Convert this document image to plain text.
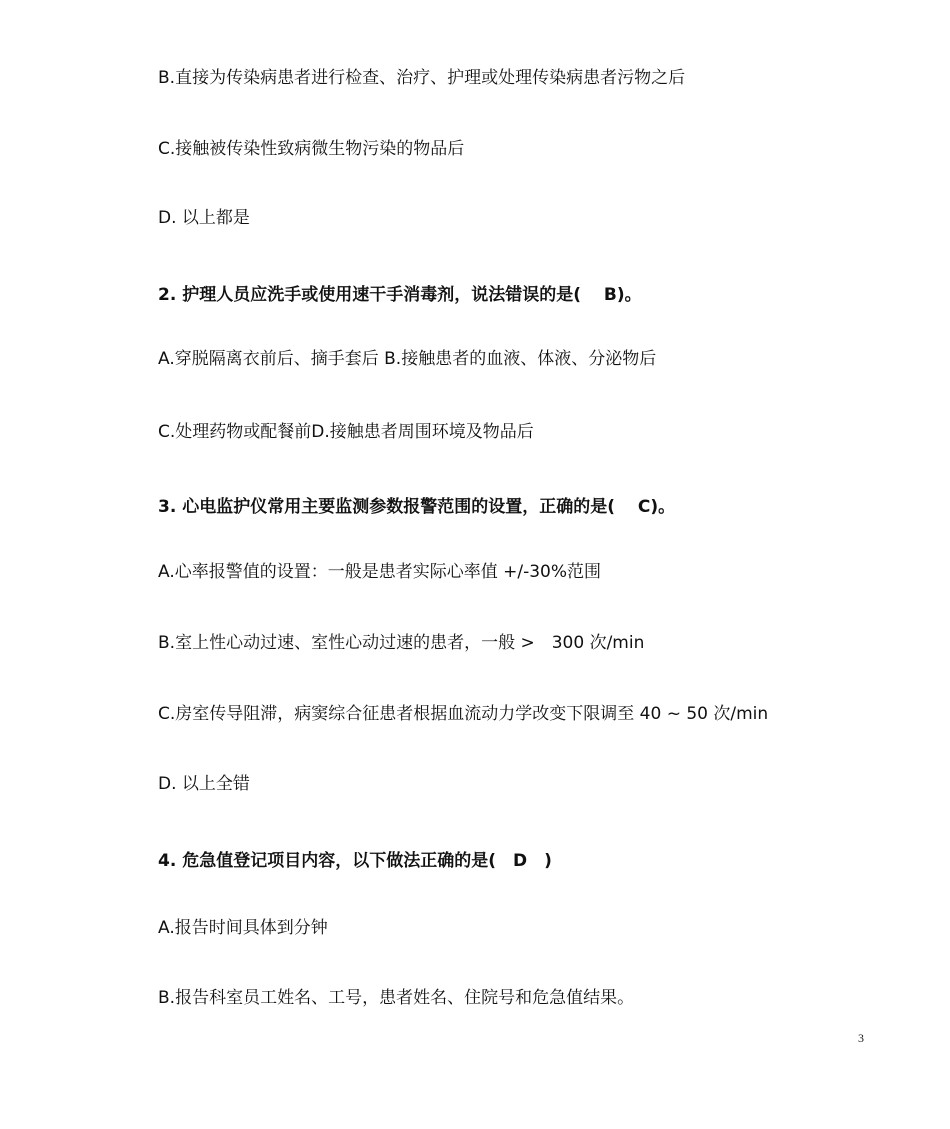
B.直接为传染病患者进行检查、治疗、护理或处理传染病患者污物之后
C.接触被传染性致病微生物污染的物品后
D. 以上都是
2. 护理人员应洗手或使用速干手消毒剂，说法错误的是(　 B)。
A.穿脱隔离衣前后、摘手套后 B.接触患者的血液、体液、分泌物后
C.处理药物或配餐前D.接触患者周围环境及物品后
3. 心电监护仪常用主要监测参数报警范围的设置，正确的是(　 C)。
A.心率报警值的设置：一般是患者实际心率值 +/-30%范围
B.室上性心动过速、室性心动过速的患者，一般 >　300 次/min
C.房室传导阻滞，病窦综合征患者根据血流动力学改变下限调至 40 ~ 50 次/min
D. 以上全错
4. 危急值登记项目内容，以下做法正确的是(　D　)
A.报告时间具体到分钟
B.报告科室员工姓名、工号，患者姓名、住院号和危急值结果。
3
